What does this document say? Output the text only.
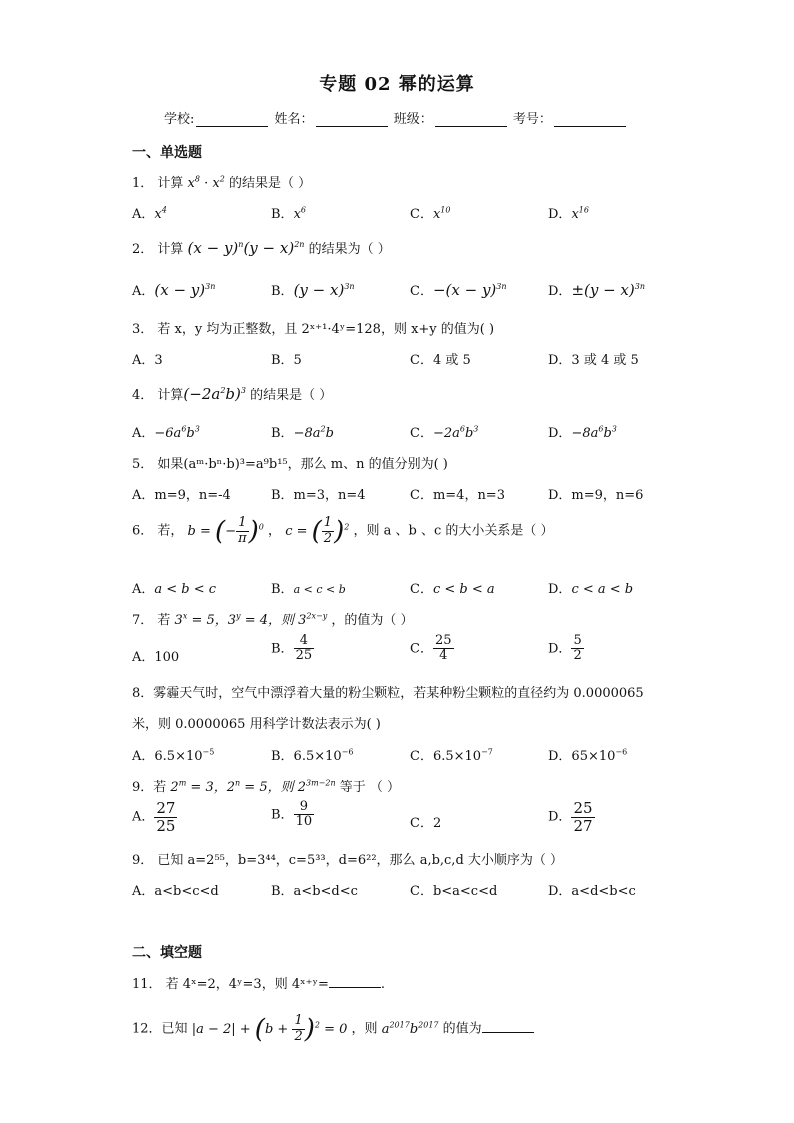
专题 02 幂的运算
学校:	姓名：	班级：	考号：
一、单选题
1． 计算 $x^8 \cdot x^2$ 的结果是（ ）
A．$x^4$	B．$x^6$	C．$x^{10}$	D．$x^{16}$
2． 计算 $(x - y)^n(y - x)^{2n}$ 的结果为（ ）
A．$(x - y)^{3n}$	B．$(y - x)^{3n}$	C．$-(x - y)^{3n}$	D．$\pm(y - x)^{3n}$
3． 若 x，y 均为正整数，且 2ˣ⁺¹·4ʸ=128，则 x+y 的值为( )
A．3	B．5	C．4 或 5	D．3 或 4 或 5
4． 计算$(-2a^2b)^3$ 的结果是（ ）
A．$-6a^6b^3$	B．$-8a^2b$	C．$-2a^6b^3$	D．$-8a^6b^3$
5． 如果(aᵐ·bⁿ·b)³=a⁹b¹⁵，那么 m、n 的值分别为( )
A．m=9，n=-4	B．m=3，n=4	C．m=4，n=3	D．m=9，n=6
6． 若， b = (− $\frac{1}{\pi} )^0$ ， c = ( $\frac{1}{2} )^2$ ，则 a 、b 、c 的大小关系是（ ）
A．a < b < c	B．a < c < b	C．c < b < a	D．c < a < b
7． 若 $3^x = 5$，$3^y = 4$，则 $3^{2x-y}$ ，的值为（ ）
A．100
B． $\frac{4}{25}$	C． $\frac{25}{4}$	D． $\frac{5}{2}$
8．雾霾天气时，空气中漂浮着大量的粉尘颗粒，若某种粉尘颗粒的直径约为 0.0000065
米，则 0.0000065 用科学计数法表示为( )
A．$6.5\times 10^{-5}$	B．$6.5\times 10^{-6}$	C．$6.5\times 10^{-7}$	D．$65\times 10^{-6}$
9．若 $2^m = 3$，$2^n = 5$，则 $2^{3m-2n}$ 等于 （ ）
A． $\frac{27}{25}$	B． $\frac{9}{10}$	C．2	D． $\frac{25}{27}$
9． 已知 a=2⁵⁵，b=3⁴⁴，c=5³³，d=6²²，那么 a,b,c,d 大小顺序为（ ）
A．a<b<c<d	B．a<b<d<c	C．b<a<c<d	D．a<d<b<c
二、填空题
11． 若 4ˣ=2，4ʸ=3，则 4ˣ⁺ʸ=	.
12．已知 $|a - 2| + (b + \frac{1}{2} )^2 = 0$ ，则 $a^{2017}b^{2017}$ 的值为
